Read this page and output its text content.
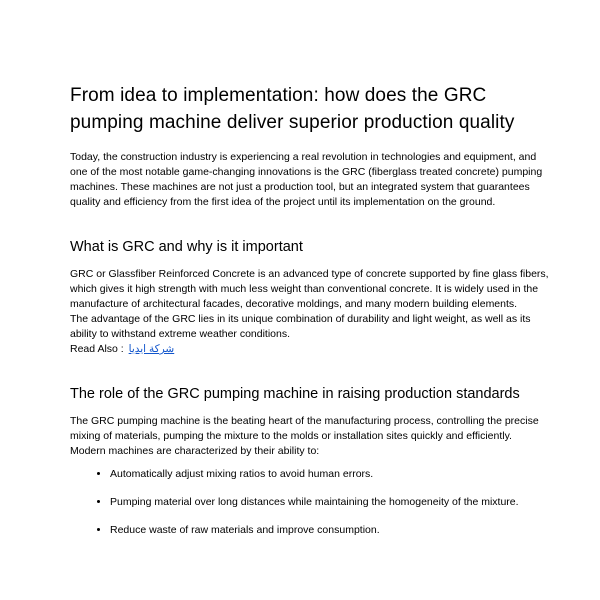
From idea to implementation: how does the GRC pumping machine deliver superior production quality

Today, the construction industry is experiencing a real revolution in technologies and equipment, and one of the most notable game-changing innovations is the GRC (fiberglass treated concrete) pumping machines. These machines are not just a production tool, but an integrated system that guarantees quality and efficiency from the first idea of the project until its implementation on the ground.

What is GRC and why is it important

GRC or Glassfiber Reinforced Concrete is an advanced type of concrete supported by fine glass fibers, which gives it high strength with much less weight than conventional concrete. It is widely used in the manufacture of architectural facades, decorative moldings, and many modern building elements.

The advantage of the GRC lies in its unique combination of durability and light weight, as well as its ability to withstand extreme weather conditions.

Read Also : شركة ايديا

The role of the GRC pumping machine in raising production standards

The GRC pumping machine is the beating heart of the manufacturing process, controlling the precise mixing of materials, pumping the mixture to the molds or installation sites quickly and efficiently.

Modern machines are characterized by their ability to:

• Automatically adjust mixing ratios to avoid human errors.
• Pumping material over long distances while maintaining the homogeneity of the mixture.
• Reduce waste of raw materials and improve consumption.
